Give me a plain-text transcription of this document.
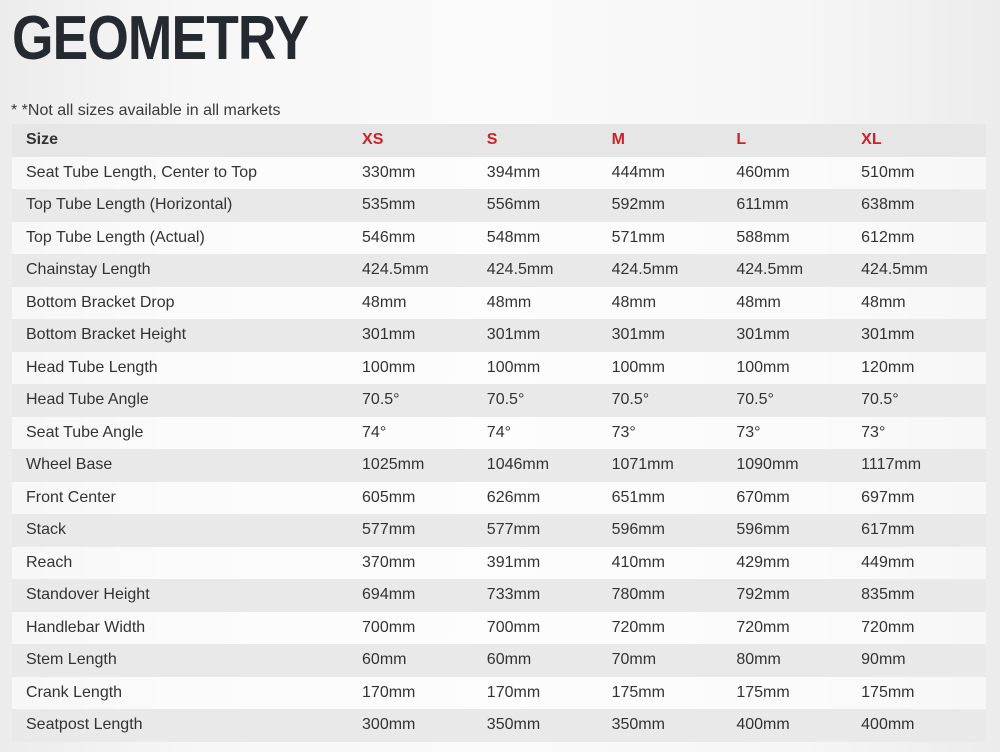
GEOMETRY
* *Not all sizes available in all markets
Size	XS	S	M	L	XL
Seat Tube Length, Center to Top	330mm	394mm	444mm	460mm	510mm
Top Tube Length (Horizontal)	535mm	556mm	592mm	611mm	638mm
Top Tube Length (Actual)	546mm	548mm	571mm	588mm	612mm
Chainstay Length	424.5mm	424.5mm	424.5mm	424.5mm	424.5mm
Bottom Bracket Drop	48mm	48mm	48mm	48mm	48mm
Bottom Bracket Height	301mm	301mm	301mm	301mm	301mm
Head Tube Length	100mm	100mm	100mm	100mm	120mm
Head Tube Angle	70.5°	70.5°	70.5°	70.5°	70.5°
Seat Tube Angle	74°	74°	73°	73°	73°
Wheel Base	1025mm	1046mm	1071mm	1090mm	1117mm
Front Center	605mm	626mm	651mm	670mm	697mm
Stack	577mm	577mm	596mm	596mm	617mm
Reach	370mm	391mm	410mm	429mm	449mm
Standover Height	694mm	733mm	780mm	792mm	835mm
Handlebar Width	700mm	700mm	720mm	720mm	720mm
Stem Length	60mm	60mm	70mm	80mm	90mm
Crank Length	170mm	170mm	175mm	175mm	175mm
Seatpost Length	300mm	350mm	350mm	400mm	400mm
